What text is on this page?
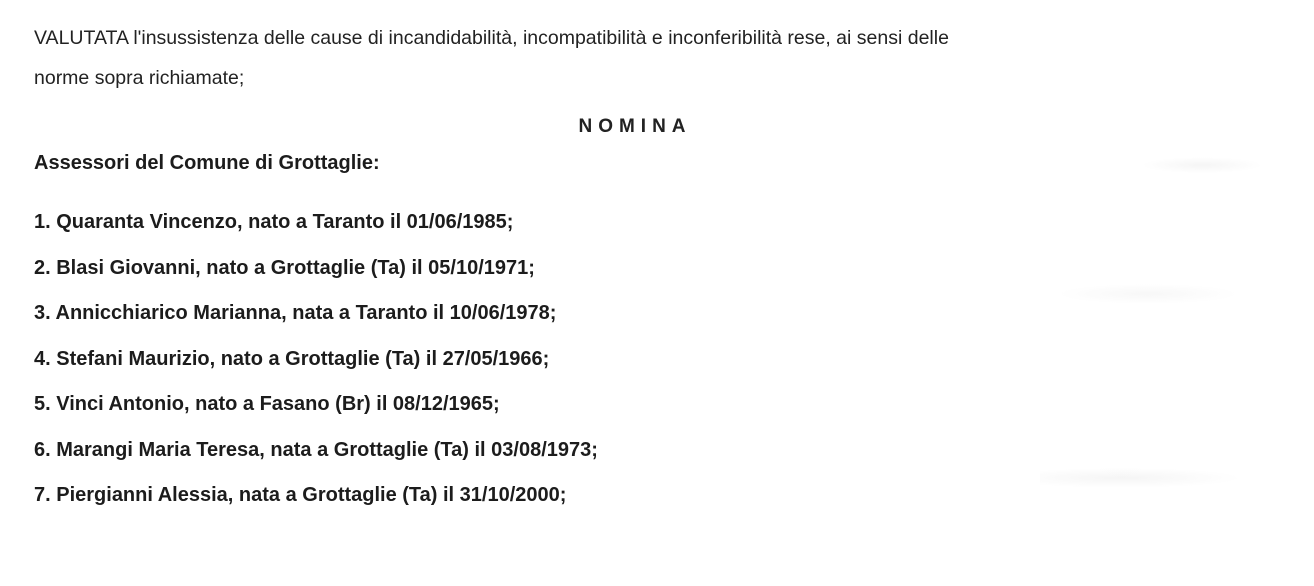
VALUTATA l'insussistenza delle cause di incandidabilità, incompatibilità e inconferibilità rese, ai sensi delle
norme sopra richiamate;

NOMINA

Assessori del Comune di Grottaglie:

1. Quaranta Vincenzo, nato a Taranto il 01/06/1985;
2. Blasi Giovanni, nato a Grottaglie (Ta) il 05/10/1971;
3. Annicchiarico Marianna, nata a Taranto il 10/06/1978;
4. Stefani Maurizio, nato a Grottaglie (Ta) il 27/05/1966;
5. Vinci Antonio, nato a Fasano (Br) il 08/12/1965;
6. Marangi Maria Teresa, nata a Grottaglie (Ta) il 03/08/1973;
7. Piergianni Alessia, nata a Grottaglie (Ta) il 31/10/2000;
